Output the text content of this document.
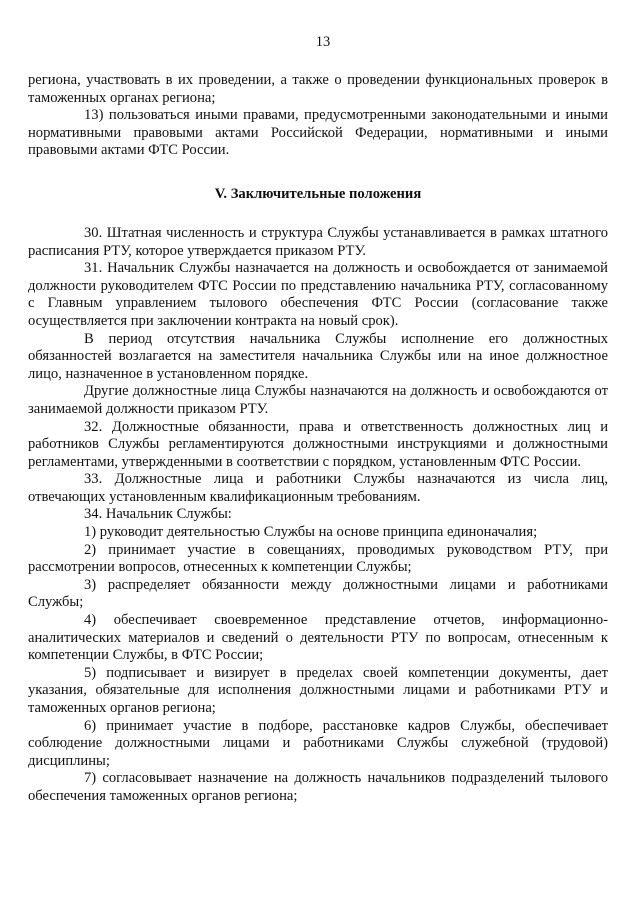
13

региона, участвовать в их проведении, а также о проведении функциональных проверок в таможенных органах региона;

13) пользоваться иными правами, предусмотренными законодательными и иными нормативными правовыми актами Российской Федерации, нормативными и иными правовыми актами ФТС России.

V. Заключительные положения

30. Штатная численность и структура Службы устанавливается в рамках штатного расписания РТУ, которое утверждается приказом РТУ.

31. Начальник Службы назначается на должность и освобождается от занимаемой должности руководителем ФТС России по представлению начальника РТУ, согласованному с Главным управлением тылового обеспечения ФТС России (согласование также осуществляется при заключении контракта на новый срок).

В период отсутствия начальника Службы исполнение его должностных обязанностей возлагается на заместителя начальника Службы или на иное должностное лицо, назначенное в установленном порядке.

Другие должностные лица Службы назначаются на должность и освобождаются от занимаемой должности приказом РТУ.

32. Должностные обязанности, права и ответственность должностных лиц и работников Службы регламентируются должностными инструкциями и должностными регламентами, утвержденными в соответствии с порядком, установленным ФТС России.

33. Должностные лица и работники Службы назначаются из числа лиц, отвечающих установленным квалификационным требованиям.

34. Начальник Службы:

1) руководит деятельностью Службы на основе принципа единоначалия;

2) принимает участие в совещаниях, проводимых руководством РТУ, при рассмотрении вопросов, отнесенных к компетенции Службы;

3) распределяет обязанности между должностными лицами и работниками Службы;

4) обеспечивает своевременное представление отчетов, информационно-аналитических материалов и сведений о деятельности РТУ по вопросам, отнесенным к компетенции Службы, в ФТС России;

5) подписывает и визирует в пределах своей компетенции документы, дает указания, обязательные для исполнения должностными лицами и работниками РТУ и таможенных органов региона;

6) принимает участие в подборе, расстановке кадров Службы, обеспечивает соблюдение должностными лицами и работниками Службы служебной (трудовой) дисциплины;

7) согласовывает назначение на должность начальников подразделений тылового обеспечения таможенных органов региона;
